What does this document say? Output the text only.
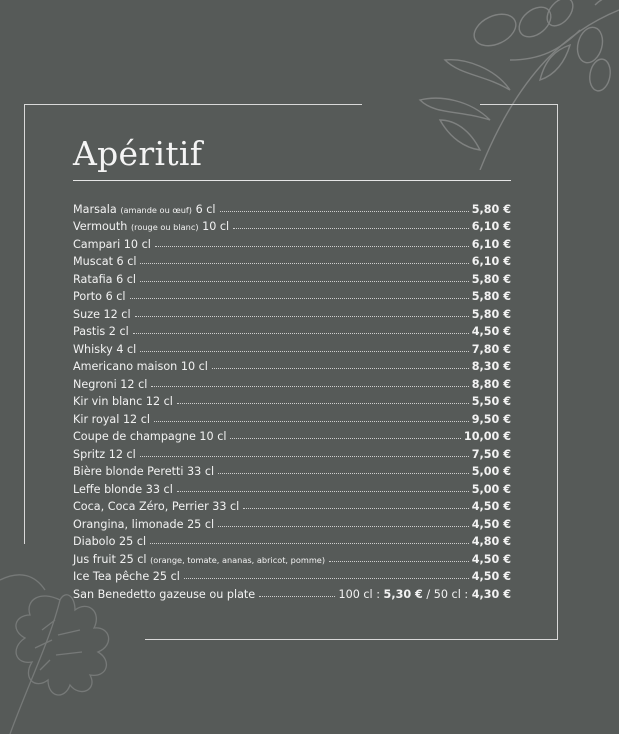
Apéritif
Marsala (amande ou œuf) 6 cl	5,80 €
Vermouth (rouge ou blanc) 10 cl	6,10 €
Campari 10 cl	6,10 €
Muscat 6 cl	6,10 €
Ratafia 6 cl	5,80 €
Porto 6 cl	5,80 €
Suze 12 cl	5,80 €
Pastis 2 cl	4,50 €
Whisky 4 cl	7,80 €
Americano maison 10 cl	8,30 €
Negroni 12 cl	8,80 €
Kir vin blanc 12 cl	5,50 €
Kir royal 12 cl	9,50 €
Coupe de champagne 10 cl	10,00 €
Spritz 12 cl	7,50 €
Bière blonde Peretti 33 cl	5,00 €
Leffe blonde 33 cl	5,00 €
Coca, Coca Zéro, Perrier 33 cl	4,50 €
Orangina, limonade 25 cl	4,50 €
Diabolo 25 cl	4,80 €
Jus fruit 25 cl (orange, tomate, ananas, abricot, pomme)	4,50 €
Ice Tea pêche 25 cl	4,50 €
San Benedetto gazeuse ou plate	100 cl : 5,30 € / 50 cl : 4,30 €
